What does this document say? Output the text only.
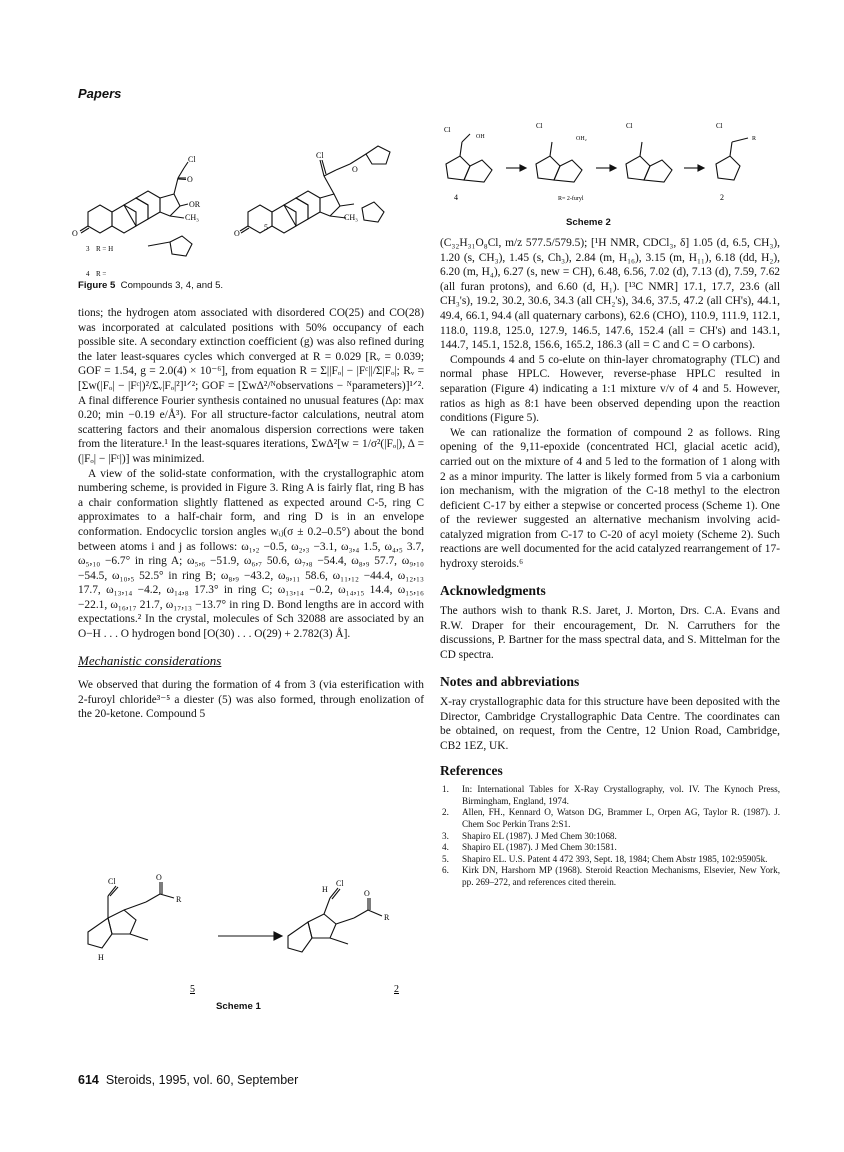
Papers
Cl
O
OR
CH₃
O
3 R = H
4 R =
Cl
O
CH₃
O
5
Figure 5 Compounds 3, 4, and 5.
Cl
OH
Cl
OH₂
Cl	Cl
R
4	R= 2-furyl	2
Scheme 2

tions; the hydrogen atom associated with disordered CO(25) and CO(28) was incorporated at calculated positions with 50% occupancy of each possible site. A secondary extinction coefficient (g) was also refined during the later least-squares cycles which converged at R = 0.029 [Rᵥ = 0.039; GOF = 1.54, g = 2.0(4) × 10⁻⁶], from equation R = Σ||Fₒ| − |Fᶜ||/Σ|Fₒ|; Rᵥ = [Σw(|Fₒ| − |Fᶜ|)²/Σᵥ|Fₒ|²]¹ᐟ²; GOF = [ΣwΔ²/ᴺobservations − ᴺparameters)]¹ᐟ². A final difference Fourier synthesis contained no unusual features (Δρ: max 0.20; min −0.19 e/Å³). For all structure-factor calculations, neutral atom scattering factors and their anomalous dispersion corrections were taken from the literature.¹ In the least-squares iterations, ΣwΔ²[w = 1/σ²(|Fₒ|), Δ = (|Fₒ| − |Fᶜ|)] was minimized.

A view of the solid-state conformation, with the crystallographic atom numbering scheme, is provided in Figure 3. Ring A is fairly flat, ring B has a chair conformation slightly flattened as expected around C-5, ring C approximates to a half-chair form, and ring D is in an envelope conformation. Endocyclic torsion angles wᵢⱼ(σ ± 0.2–0.5°) about the bond between atoms i and j as follows: ω₁,₂ −0.5, ω₂,₃ −3.1, ω₃,₄ 1.5, ω₄,₅ 3.7, ω₅,₁₀ −6.7° in ring A; ω₅,₆ −51.9, ω₆,₇ 50.6, ω₇,₈ −54.4, ω₈,₉ 57.7, ω₉,₁₀ −54.5, ω₁₀,₅ 52.5° in ring B; ω₈,₉ −43.2, ω₉,₁₁ 58.6, ω₁₁,₁₂ −44.4, ω₁₂,₁₃ 17.7, ω₁₃,₁₄ −4.2, ω₁₄,₈ 17.3° in ring C; ω₁₃,₁₄ −0.2, ω₁₄,₁₅ 14.4, ω₁₅,₁₆ −22.1, ω₁₆,₁₇ 21.7, ω₁₇,₁₃ −13.7° in ring D. Bond lengths are in accord with expectations.² In the crystal, molecules of Sch 32088 are associated by an O−H . . . O hydrogen bond [O(30) . . . O(29) + 2.782(3) Å].

Mechanistic considerations

We observed that during the formation of 4 from 3 (via esterification with 2-furoyl chloride³⁻⁵ a diester (5) was also formed, through enolization of the 20-ketone. Compound 5

Cl	O
R
H
Cl
H	O
R
5	2
Scheme 1

(C₃₂H₃₁O₈Cl, m/z 577.5/579.5); [¹H NMR, CDCl₃, δ] 1.05 (d, 6.5, CH₃), 1.20 (s, CH₃), 1.45 (s, Ch₃), 2.84 (m, H₁₆), 3.15 (m, H₁₁), 6.18 (dd, H₂), 6.20 (m, H₄), 6.27 (s, new = CH), 6.48, 6.56, 7.02 (d), 7.13 (d), 7.59, 7.62 (all furan protons), and 6.60 (d, H₁). [¹³C NMR] 17.1, 17.7, 23.6 (all CH₃'s), 19.2, 30.2, 30.6, 34.3 (all CH₂'s), 34.6, 37.5, 47.2 (all CH's), 44.1, 49.4, 66.1, 94.4 (all quaternary carbons), 62.6 (CHO), 110.9, 111.9, 112.1, 118.0, 119.8, 125.0, 127.9, 146.5, 147.6, 152.4 (all = CH's) and 143.1, 144.7, 145.1, 152.8, 156.6, 165.2, 186.3 (all = C and C = O carbons).

Compounds 4 and 5 co-elute on thin-layer chromatography (TLC) and normal phase HPLC. However, reverse-phase HPLC resulted in separation (Figure 4) indicating a 1:1 mixture v/v of 4 and 5. However, ratios as high as 8:1 have been observed depending upon the reaction conditions (Figure 5).

We can rationalize the formation of compound 2 as follows. Ring opening of the 9,11-epoxide (concentrated HCl, glacial acetic acid), carried out on the mixture of 4 and 5 led to the formation of 1 along with 2 as a minor impurity. The latter is likely formed from 5 via a carbonium ion mechanism, with the migration of the C-18 methyl to the electron deficient C-17 by either a stepwise or concerted process (Scheme 1). One of the reviewer suggested an alternative mechanism involving acid-catalyzed migration from C-17 to C-20 of acyl moiety (Scheme 2). Such reactions are well documented for the acid catalyzed rearrangement of 17-hydroxy steroids.⁶

Acknowledgments

The authors wish to thank R.S. Jaret, J. Morton, Drs. C.A. Evans and R.W. Draper for their encouragement, Dr. N. Carruthers for the discussions, P. Bartner for the mass spectral data, and S. Mittelman for the CD spectra.

Notes and abbreviations

X-ray crystallographic data for this structure have been deposited with the Director, Cambridge Crystallographic Data Centre. The coordinates can be obtained, on request, from the Centre, 12 Union Road, Cambridge, CB2 1EZ, UK.

References
1. In: International Tables for X-Ray Crystallography, vol. IV. The Kynoch Press, Birmingham, England, 1974.
2. Allen, FH., Kennard O, Watson DG, Brammer L, Orpen AG, Taylor R. (1987). J. Chem Soc Perkin Trans 2:S1.
3. Shapiro EL (1987). J Med Chem 30:1068.
4. Shapiro EL (1987). J Med Chem 30:1581.
5. Shapiro EL. U.S. Patent 4 472 393, Sept. 18, 1984; Chem Abstr 1985, 102:95905k.
6. Kirk DN, Harshorn MP (1968). Steroid Reaction Mechanisms, Elsevier, New York, pp. 269–272, and references cited therein.
614 Steroids, 1995, vol. 60, September
